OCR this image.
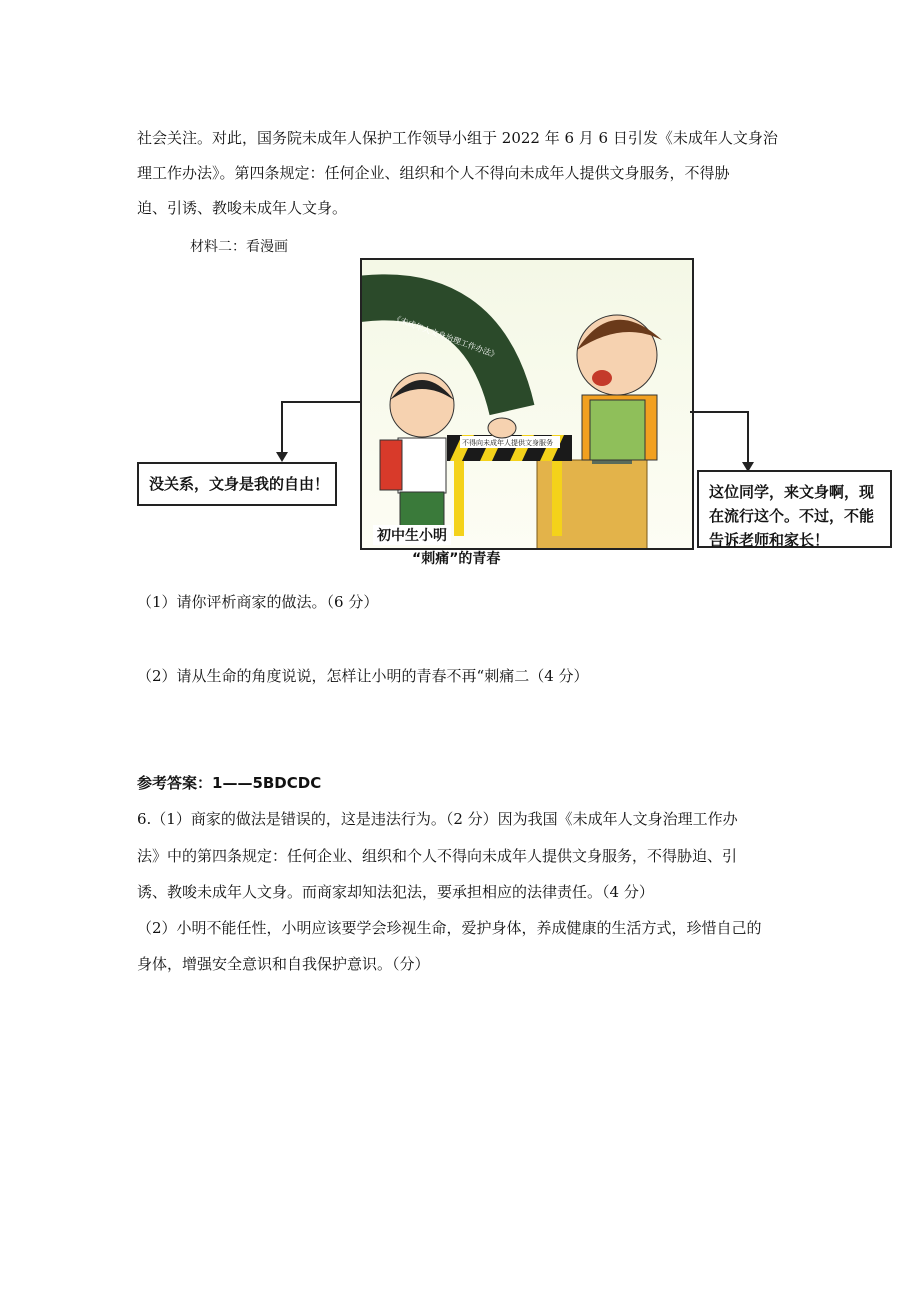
社会关注。对此，国务院未成年人保护工作领导小组于 2022 年 6 月 6 日引发《未成年人文身治
理工作办法》。第四条规定：任何企业、组织和个人不得向未成年人提供文身服务，不得胁
迫、引诱、教唆未成年人文身。
材料二：看漫画
《未成年人文身治理工作办法》
不得向未成年人提供文身服务
没关系，文身是我的自由！	这位同学，来文身啊，现
在流行这个。不过，不能
告诉老师和家长！
初中生小明
“刺痛”的青春
（1）请你评析商家的做法。（6 分）
（2）请从生命的角度说说，怎样让小明的青春不再“刺痛二（4 分）
参考答案：1——5BDCDC
6.（1）商家的做法是错误的，这是违法行为。（2 分）因为我国《未成年人文身治理工作办
法》中的第四条规定：任何企业、组织和个人不得向未成年人提供文身服务，不得胁迫、引
诱、教唆未成年人文身。而商家却知法犯法，要承担相应的法律责任。（4 分）
（2）小明不能任性，小明应该要学会珍视生命，爱护身体，养成健康的生活方式，珍惜自己的
身体，增强安全意识和自我保护意识。（分）
